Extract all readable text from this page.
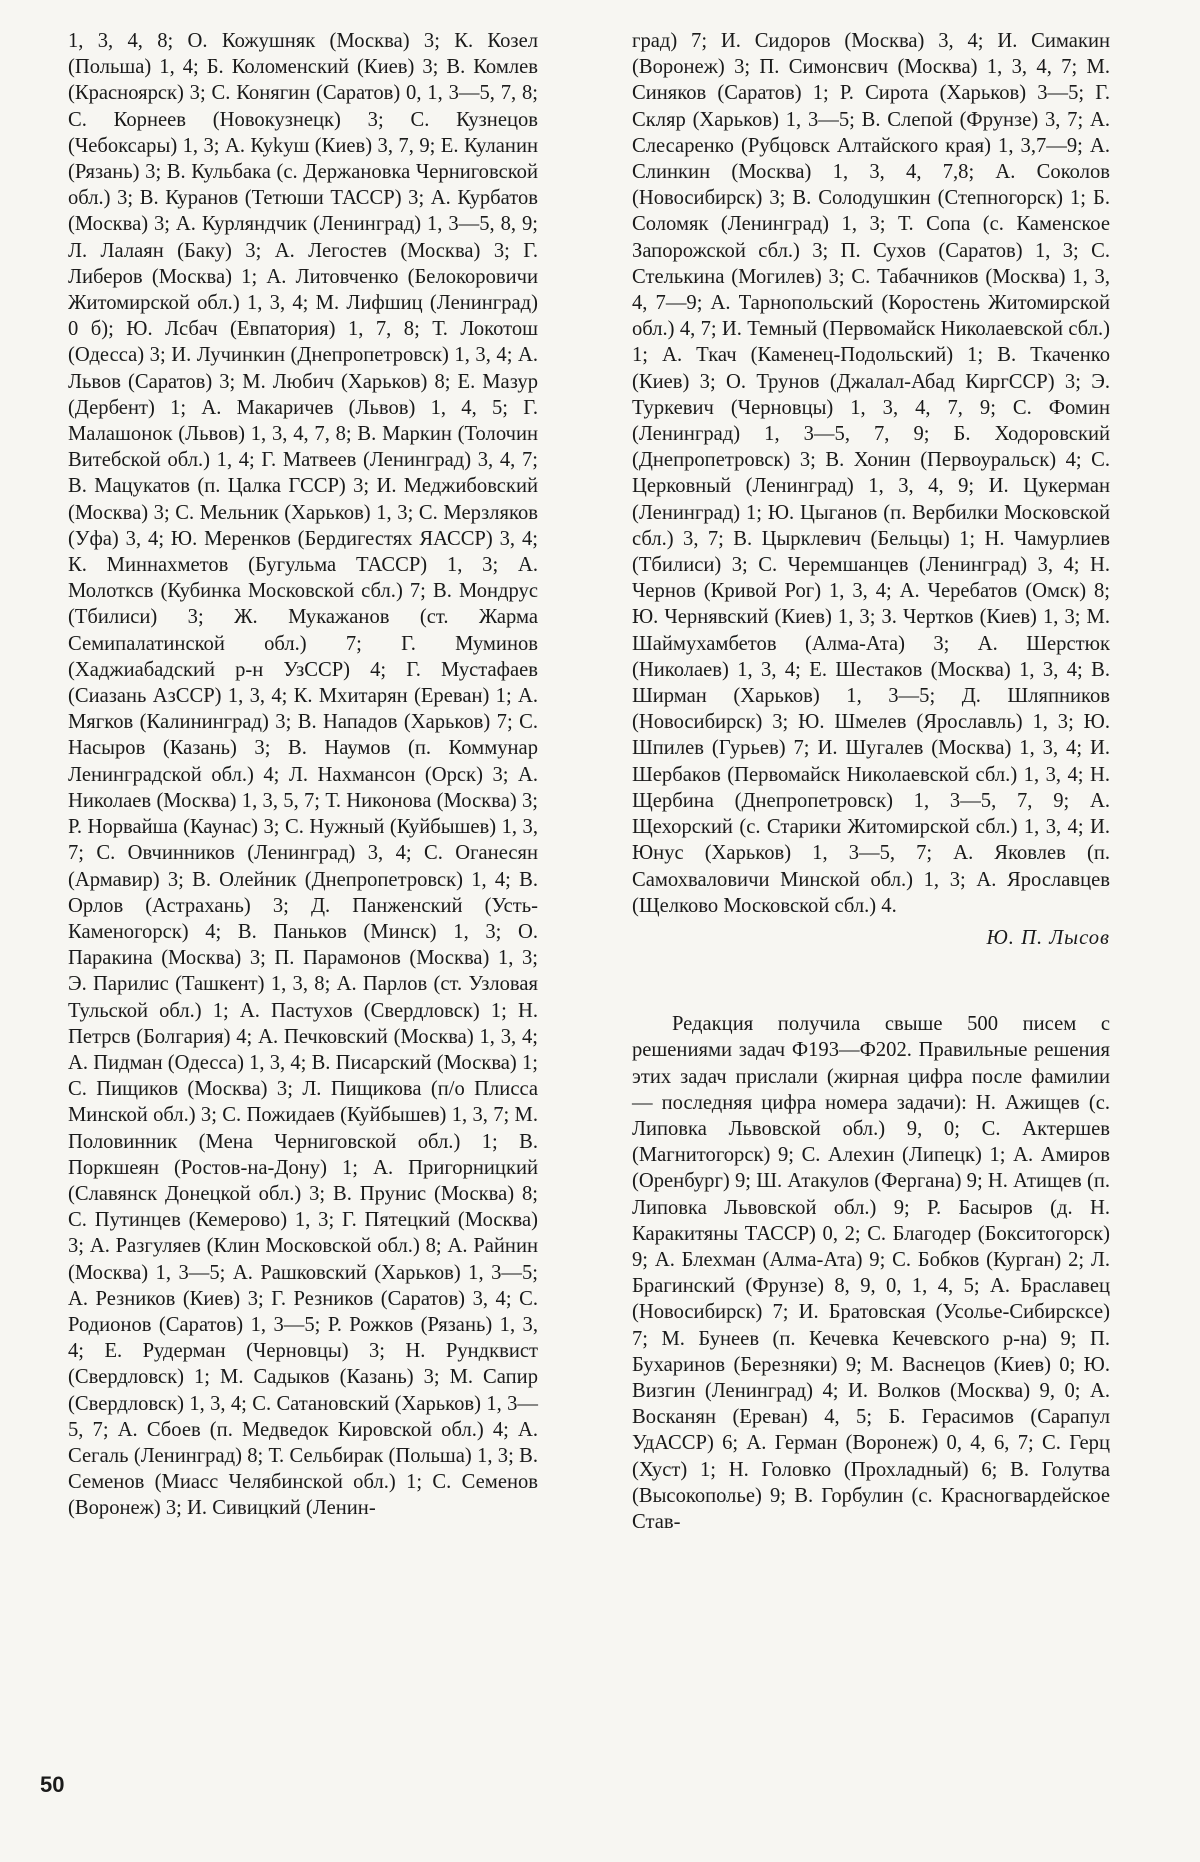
1, 3, 4, 8; О. Кожушняк (Москва) 3; К. Козел (Польша) 1, 4; Б. Коломенский (Киев) 3; В. Комлев (Красноярск) 3; С. Конягин (Саратов) 0, 1, 3—5, 7, 8; С. Корнеев (Новокузнецк) 3; С. Кузнецов (Чебоксары) 1, 3; А. Куkуш (Киев) 3, 7, 9; Е. Куланин (Рязань) 3; В. Кульбака (с. Держановка Черниговской обл.) 3; В. Куранов (Тетюши ТАССР) 3; А. Курбатов (Москва) 3; А. Курляндчик (Ленинград) 1, 3—5, 8, 9; Л. Лалаян (Баку) 3; А. Легостев (Москва) 3; Г. Либеров (Москва) 1; А. Литовченко (Белокоровичи Житомирской обл.) 1, 3, 4; М. Лифшиц (Ленинград) 0 б); Ю. Лсбач (Евпатория) 1, 7, 8; Т. Локотош (Одесса) 3; И. Лучинкин (Днепропетровск) 1, 3, 4; А. Львов (Саратов) 3; М. Любич (Харьков) 8; Е. Мазур (Дербент) 1; А. Макаричев (Львов) 1, 4, 5; Г. Малашонок (Львов) 1, 3, 4, 7, 8; В. Маркин (Толочин Витебской обл.) 1, 4; Г. Матвеев (Ленинград) 3, 4, 7; В. Мацукатов (п. Цалка ГССР) 3; И. Меджибовский (Москва) 3; С. Мельник (Харьков) 1, 3; С. Мерзляков (Уфа) 3, 4; Ю. Меренков (Бердигестях ЯАССР) 3, 4; К. Миннахметов (Бугульма ТАССР) 1, 3; А. Молотксв (Кубинка Московской сбл.) 7; В. Мондрус (Тбилиси) 3; Ж. Мукажанов (ст. Жарма Семипалатинской обл.) 7; Г. Муминов (Хаджиабадский р-н УзССР) 4; Г. Мустафаев (Сиазань АзССР) 1, 3, 4; К. Мхитарян (Ереван) 1; А. Мягков (Калининград) 3; В. Нападов (Харьков) 7; С. Насыров (Казань) 3; В. Наумов (п. Коммунар Ленинградской обл.) 4; Л. Нахмансон (Орск) 3; А. Николаев (Москва) 1, 3, 5, 7; Т. Никонова (Москва) 3; Р. Норвайша (Каунас) 3; С. Нужный (Куйбышев) 1, 3, 7; С. Овчинников (Ленинград) 3, 4; С. Оганесян (Армавир) 3; В. Олейник (Днепропетровск) 1, 4; В. Орлов (Астрахань) 3; Д. Панженский (Усть-Каменогорск) 4; В. Паньков (Минск) 1, 3; О. Паракина (Москва) 3; П. Парамонов (Москва) 1, 3; Э. Парилис (Ташкент) 1, 3, 8; А. Парлов (ст. Узловая Тульской обл.) 1; А. Пастухов (Свердловск) 1; Н. Петрсв (Болгария) 4; А. Печковский (Москва) 1, 3, 4; А. Пидман (Одесса) 1, 3, 4; В. Писарский (Москва) 1; С. Пищиков (Москва) 3; Л. Пищикова (п/о Плисса Минской обл.) 3; С. Пожидаев (Куйбышев) 1, 3, 7; М. Половинник (Мена Черниговской обл.) 1; В. Поркшеян (Ростов-на-Дону) 1; А. Пригорницкий (Славянск Донецкой обл.) 3; В. Прунис (Москва) 8; С. Путинцев (Кемерово) 1, 3; Г. Пятецкий (Москва) 3; А. Разгуляев (Клин Московской обл.) 8; А. Райнин (Москва) 1, 3—5; А. Рашковский (Харьков) 1, 3—5; А. Резников (Киев) 3; Г. Резников (Саратов) 3, 4; С. Родионов (Саратов) 1, 3—5; Р. Рожков (Рязань) 1, 3, 4; Е. Рудерман (Черновцы) 3; Н. Рундквист (Свердловск) 1; М. Садыков (Казань) 3; М. Сапир (Свердловск) 1, 3, 4; С. Сатановский (Харьков) 1, 3—5, 7; А. Сбоев (п. Медведок Кировской обл.) 4; А. Сегаль (Ленинград) 8; Т. Сельбирак (Польша) 1, 3; В. Семенов (Миасс Челябинской обл.) 1; С. Семенов (Воронеж) 3; И. Сивицкий (Ленин-

град) 7; И. Сидоров (Москва) 3, 4; И. Симакин (Воронеж) 3; П. Симонсвич (Москва) 1, 3, 4, 7; М. Синяков (Саратов) 1; Р. Сирота (Харьков) 3—5; Г. Скляр (Харьков) 1, 3—5; В. Слепой (Фрунзе) 3, 7; А. Слесаренко (Рубцовск Алтайского края) 1, 3,7—9; А. Слинкин (Москва) 1, 3, 4, 7,8; А. Соколов (Новосибирск) 3; В. Солодушкин (Степногорск) 1; Б. Соломяк (Ленинград) 1, 3; Т. Сопа (с. Каменское Запорожской сбл.) 3; П. Сухов (Саратов) 1, 3; С. Стелькина (Могилев) 3; С. Табачников (Москва) 1, 3, 4, 7—9; А. Тарнопольский (Коростень Житомирской обл.) 4, 7; И. Темный (Первомайск Николаевской сбл.) 1; А. Ткач (Каменец-Подольский) 1; В. Ткаченко (Киев) 3; О. Трунов (Джалал-Абад КиргССР) 3; Э. Туркевич (Черновцы) 1, 3, 4, 7, 9; С. Фомин (Ленинград) 1, 3—5, 7, 9; Б. Ходоровский (Днепропетровск) 3; В. Хонин (Первоуральск) 4; С. Церковный (Ленинград) 1, 3, 4, 9; И. Цукерман (Ленинград) 1; Ю. Цыганов (п. Вербилки Московской сбл.) 3, 7; В. Цырклевич (Бельцы) 1; Н. Чамурлиев (Тбилиси) 3; С. Черемшанцев (Ленинград) 3, 4; Н. Чернов (Кривой Рог) 1, 3, 4; А. Черебатов (Омск) 8; Ю. Чернявский (Киев) 1, 3; З. Чертков (Киев) 1, 3; М. Шаймухамбетов (Алма-Ата) 3; А. Шерстюк (Николаев) 1, 3, 4; Е. Шестаков (Москва) 1, 3, 4; В. Ширман (Харьков) 1, 3—5; Д. Шляпников (Новосибирск) 3; Ю. Шмелев (Ярославль) 1, 3; Ю. Шпилев (Гурьев) 7; И. Шугалев (Москва) 1, 3, 4; И. Шербаков (Первомайск Николаевской сбл.) 1, 3, 4; Н. Щербина (Днепропетровск) 1, 3—5, 7, 9; А. Щехорский (с. Старики Житомирской сбл.) 1, 3, 4; И. Юнус (Харьков) 1, 3—5, 7; А. Яковлев (п. Самохваловичи Минской обл.) 1, 3; А. Ярославцев (Щелково Московской сбл.) 4.

Ю. П. Лысов

Редакция получила свыше 500 писем с решениями задач Ф193—Ф202. Правильные решения этих задач прислали (жирная цифра после фамилии — последняя цифра номера задачи): Н. Ажищев (с. Липовка Львовской обл.) 9, 0; С. Актершев (Магнитогорск) 9; С. Алехин (Липецк) 1; А. Амиров (Оренбург) 9; Ш. Атакулов (Фергана) 9; Н. Атищев (п. Липовка Львовской обл.) 9; Р. Басыров (д. Н. Каракитяны ТАССР) 0, 2; С. Благодер (Бокситогорск) 9; А. Блехман (Алма-Ата) 9; С. Бобков (Курган) 2; Л. Брагинский (Фрунзе) 8, 9, 0, 1, 4, 5; А. Браславец (Новосибирск) 7; И. Братовская (Усолье-Сибирсксе) 7; М. Бунеев (п. Кечевка Кечевского р-на) 9; П. Бухаринов (Березняки) 9; М. Васнецов (Киев) 0; Ю. Визгин (Ленинград) 4; И. Волков (Москва) 9, 0; А. Восканян (Ереван) 4, 5; Б. Герасимов (Сарапул УдАССР) 6; А. Герман (Воронеж) 0, 4, 6, 7; С. Герц (Хуст) 1; Н. Головко (Прохладный) 6; В. Голутва (Высокополье) 9; В. Горбулин (с. Красногвардейское Став-

50
